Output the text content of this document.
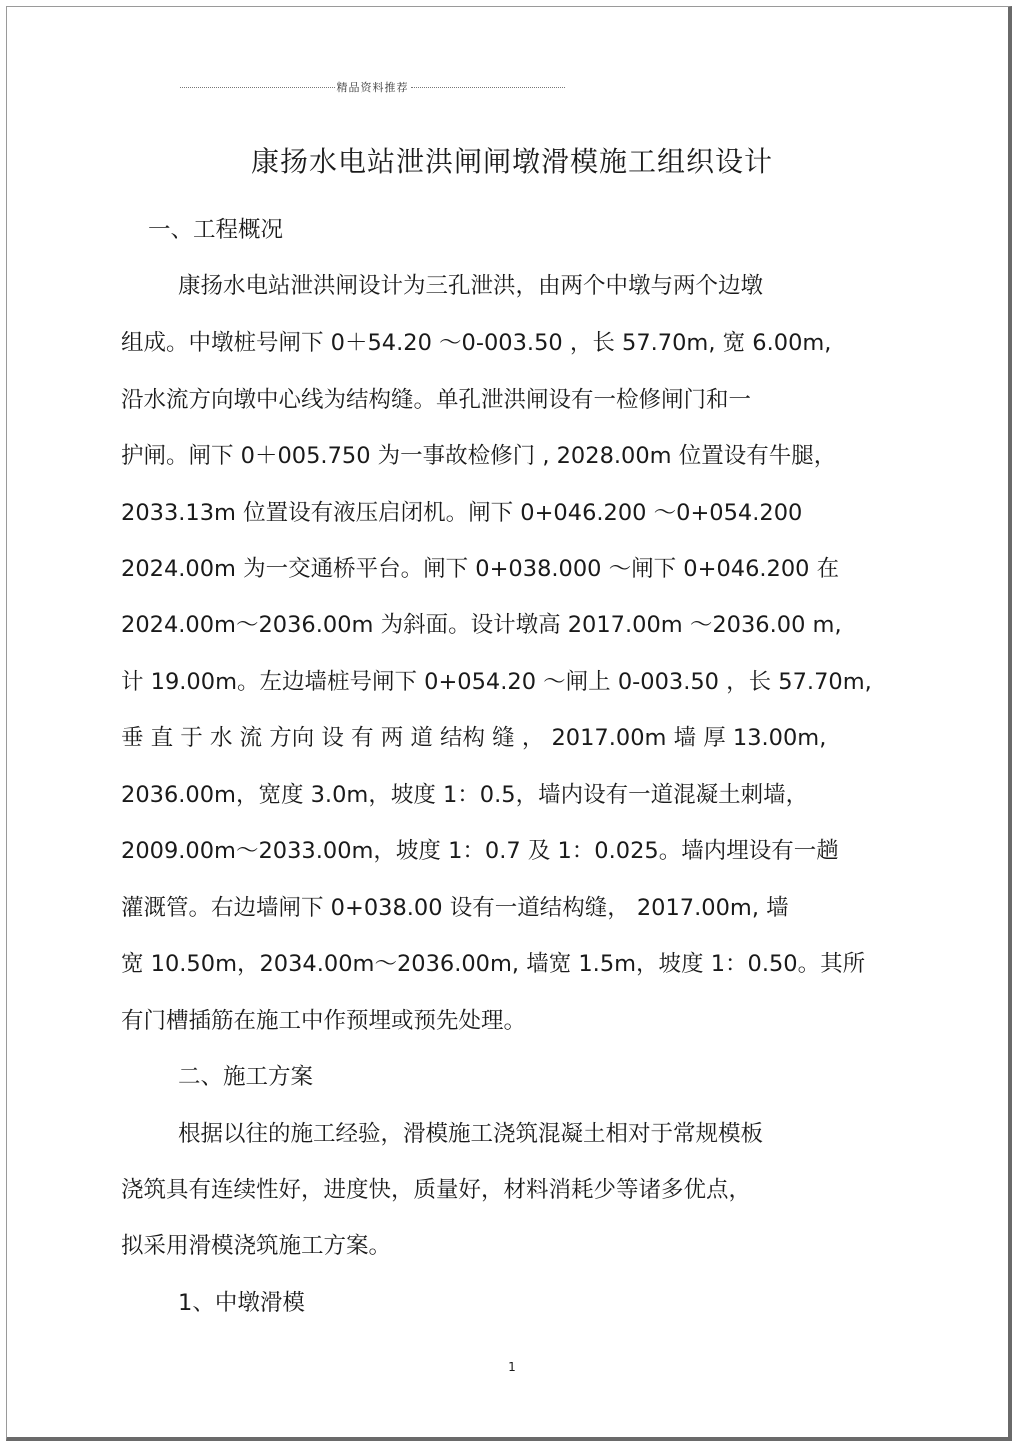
精品资料推荐
康扬水电站泄洪闸闸墩滑模施工组织设计
一、工程概况
康扬水电站泄洪闸设计为三孔泄洪，由两个中墩与两个边墩
组成。中墩桩号闸下 0＋54.20 ～0-003.50 ，长 57.70m, 宽 6.00m,
沿水流方向墩中心线为结构缝。单孔泄洪闸设有一检修闸门和一
护闸。闸下 0＋005.750 为一事故检修门 , 2028.00m 位置设有牛腿，
2033.13m 位置设有液压启闭机。闸下 0+046.200 ～0+054.200
2024.00m 为一交通桥平台。闸下 0+038.000 ～闸下 0+046.200 在
2024.00m～2036.00m 为斜面。设计墩高 2017.00m ～2036.00 m,
计 19.00m。左边墙桩号闸下 0+054.20 ～闸上 0-003.50 ，长 57.70m,
垂 直 于 水 流 方向 设 有 两 道 结构 缝 ， 2017.00m 墙 厚 13.00m,
2036.00m，宽度 3.0m，坡度 1：0.5，墙内设有一道混凝土刺墙，
2009.00m～2033.00m，坡度 1：0.7 及 1：0.025。墙内埋设有一趟
灌溉管。右边墙闸下 0+038.00 设有一道结构缝， 2017.00m, 墙
宽 10.50m，2034.00m～2036.00m, 墙宽 1.5m，坡度 1：0.50。其所
有门槽插筋在施工中作预埋或预先处理。
二、施工方案
根据以往的施工经验，滑模施工浇筑混凝土相对于常规模板
浇筑具有连续性好，进度快，质量好，材料消耗少等诸多优点，
拟采用滑模浇筑施工方案。
1、中墩滑模
1
